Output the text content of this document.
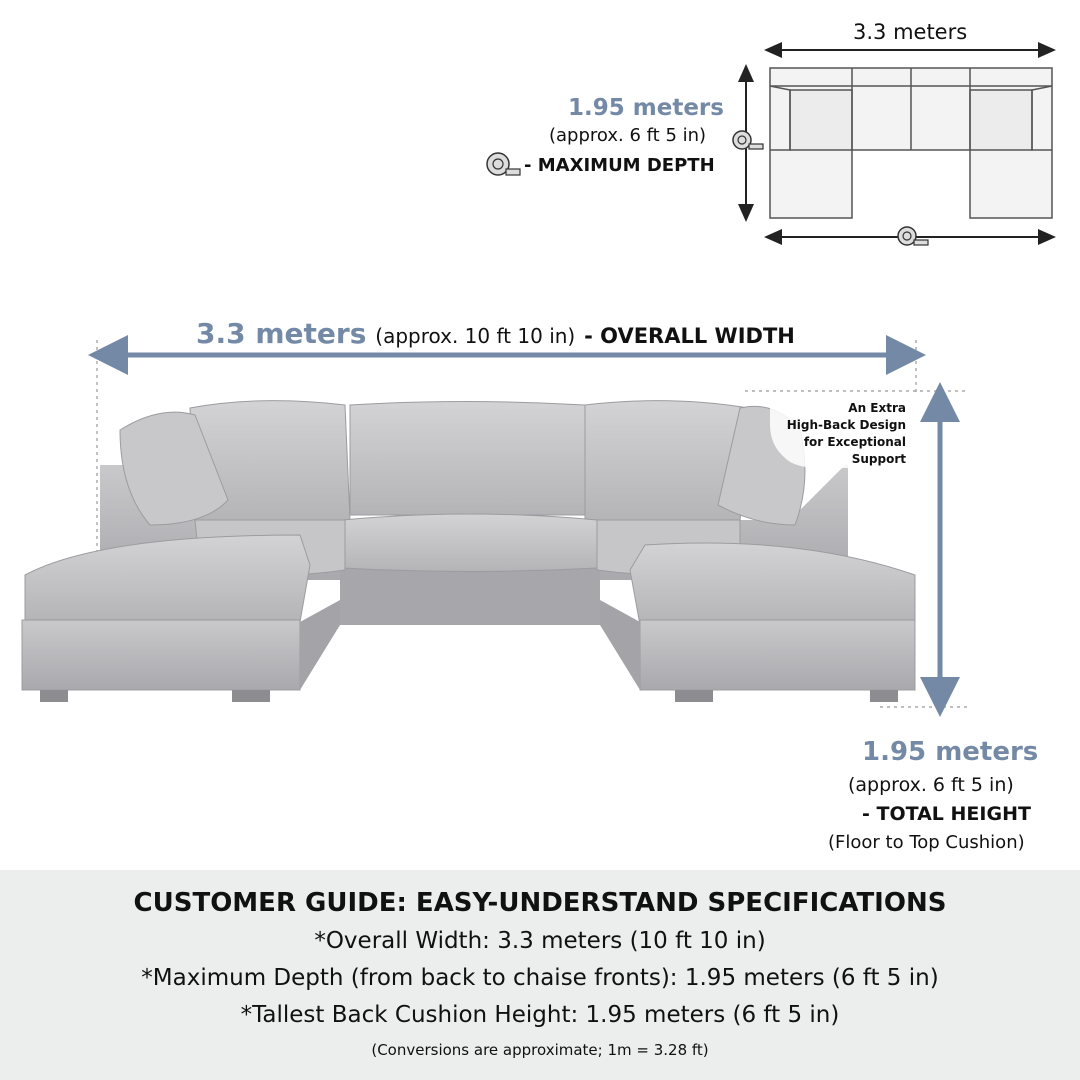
3.3 meters
1.95 meters
(approx. 6 ft 5 in)
- MAXIMUM DEPTH
3.3 meters (approx. 10 ft 10 in) - OVERALL WIDTH
An Extra
High-Back Design
for Exceptional
Support
1.95 meters
(approx. 6 ft 5 in)
- TOTAL HEIGHT
(Floor to Top Cushion)
CUSTOMER GUIDE: EASY-UNDERSTAND SPECIFICATIONS
*Overall Width: 3.3 meters (10 ft 10 in)
*Maximum Depth (from back to chaise fronts): 1.95 meters (6 ft 5 in)
*Tallest Back Cushion Height: 1.95 meters (6 ft 5 in)
(Conversions are approximate; 1m = 3.28 ft)
